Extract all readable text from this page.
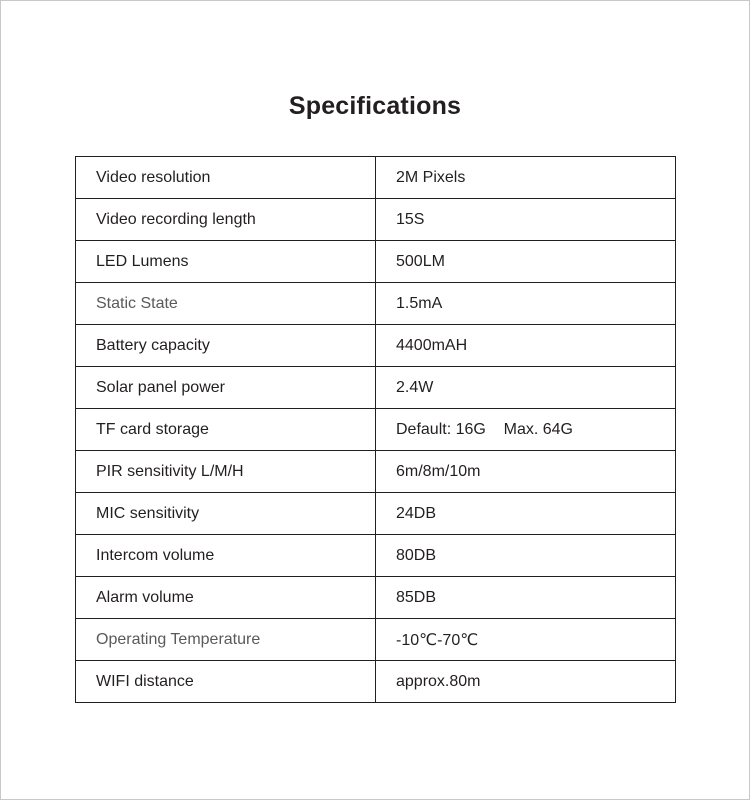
Specifications
Video resolution	2M Pixels
Video recording length	15S
LED Lumens	500LM
Static State	1.5mA
Battery capacity	4400mAH
Solar panel power	2.4W
TF card storage	Default: 16G    Max. 64G
PIR sensitivity L/M/H	6m/8m/10m
MIC sensitivity	24DB
Intercom volume	80DB
Alarm volume	85DB
Operating Temperature	-10℃-70℃
WIFI distance	approx.80m
